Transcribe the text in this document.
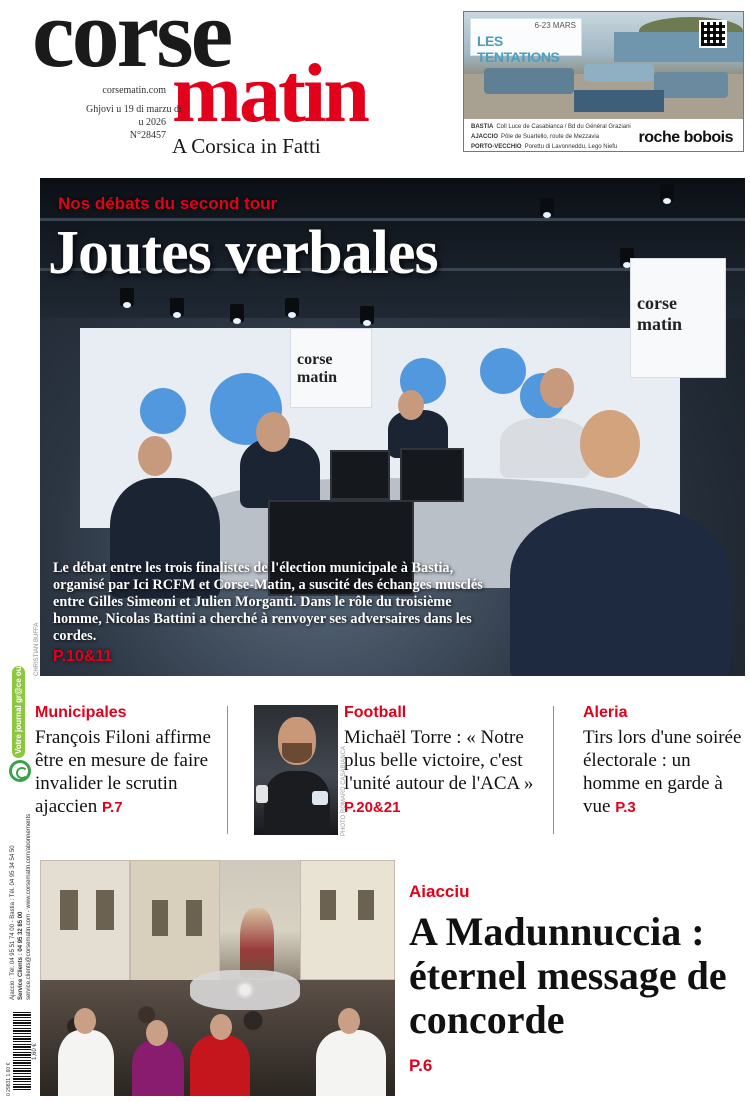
corse
matin
A Corsica in Fatti
corsematin.com
Ghjovi u 19 di marzu di
u 2026
N°28457
6-23 MARS
LES TENTATIONS
BASTIA Coll Luce de Casabianca / Bd du Général Graziani
AJACCIO Pôle de Suartello, route de Mezzavia
PORTO-VECCHIO Porettu di Lavonneddu, Lego Niefu
roche bobois
corse matin
corse matin
Nos débats du second tour
Joutes verbales
Le débat entre les trois finalistes de l'élection municipale à Bastia, organisé par Ici RCFM et Corse-Matin, a suscité des échanges musclés entre Gilles Simeoni et Julien Morganti. Dans le rôle du troisième homme, Nicolas Battini a cherché à renvoyer ses adversaires dans les cordes.
P.10&11
CHRISTIAN BUFFA
Municipales
François Filoni affirme être en mesure de faire invalider le scrutin ajaccien P.7	PHOTO ROMARD CASABIANCA
Football
Michaël Torre : « Notre plus belle victoire, c'est l'unité autour de l'ACA »
P.20&21
Aleria
Tirs lors d'une soirée électorale : un homme en garde à vue P.3
Aiacciu
A Madunnuccia : éternel message de concorde
P.6
Votre journal gr@ce ou tri
Ajaccio : Tél. 04 95 51 74 00 - Bastia : Tél. 04 95 34 54 50 Service Clients : 04 95 32 85 00 service.clients@corsematin.com - www.corsematin.com/abonnements
1,60 €
0 29831 1.60 €
